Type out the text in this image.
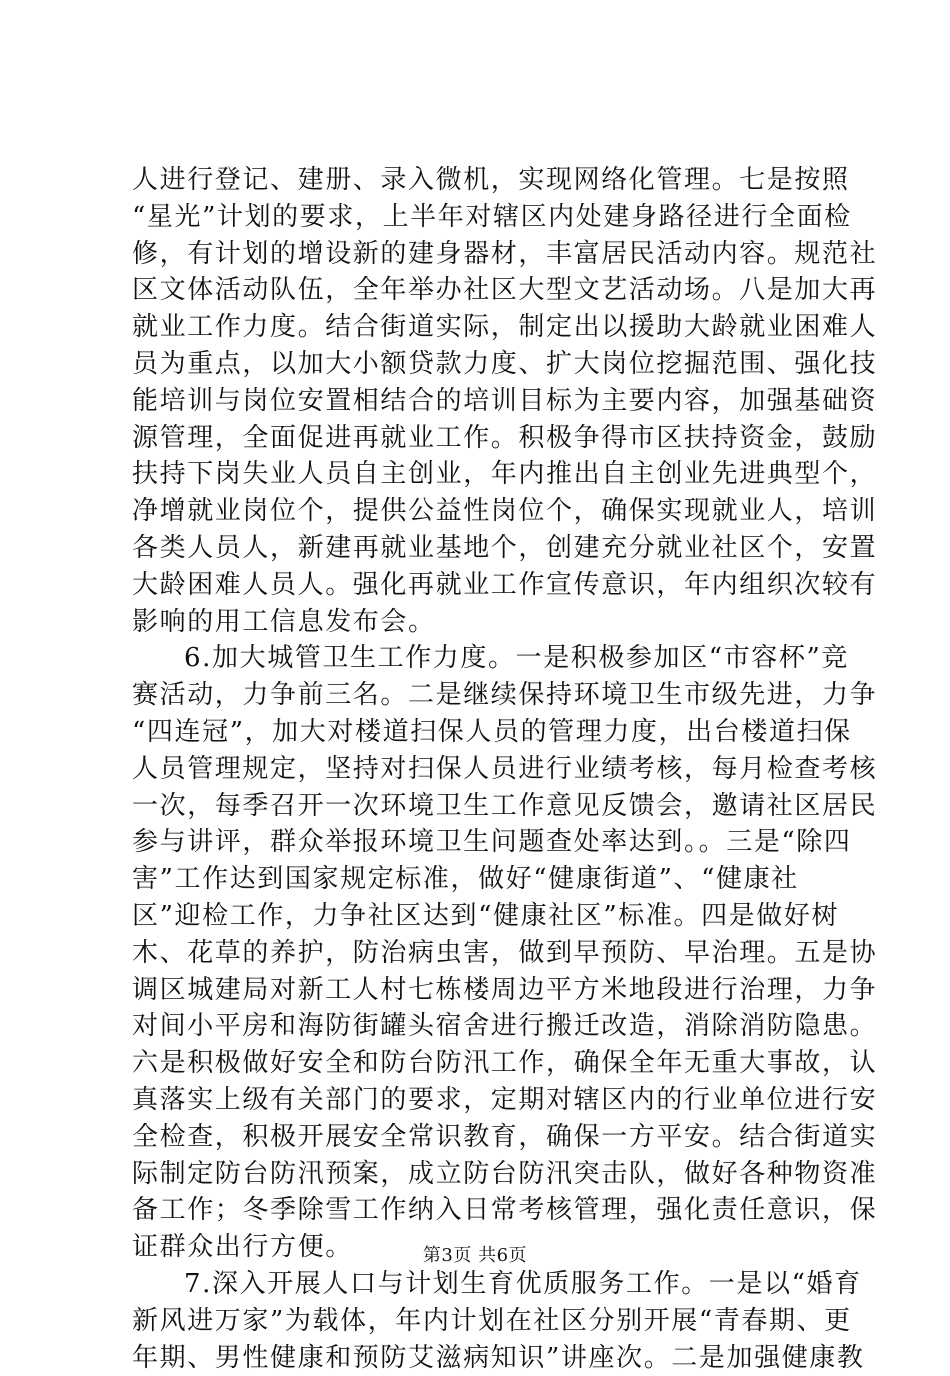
人进行登记、建册、录入微机，实现网络化管理。七是按照
“星光”计划的要求，上半年对辖区内处建身路径进行全面检
修，有计划的增设新的建身器材，丰富居民活动内容。规范社
区文体活动队伍，全年举办社区大型文艺活动场。八是加大再
就业工作力度。结合街道实际，制定出以援助大龄就业困难人
员为重点，以加大小额贷款力度、扩大岗位挖掘范围、强化技
能培训与岗位安置相结合的培训目标为主要内容，加强基础资
源管理，全面促进再就业工作。积极争得市区扶持资金，鼓励
扶持下岗失业人员自主创业，年内推出自主创业先进典型个，
净增就业岗位个，提供公益性岗位个，确保实现就业人，培训
各类人员人，新建再就业基地个，创建充分就业社区个，安置
大龄困难人员人。强化再就业工作宣传意识，年内组织次较有
影响的用工信息发布会。
6.加大城管卫生工作力度。一是积极参加区“市容杯”竞
赛活动，力争前三名。二是继续保持环境卫生市级先进，力争
“四连冠”，加大对楼道扫保人员的管理力度，出台楼道扫保
人员管理规定，坚持对扫保人员进行业绩考核，每月检查考核
一次，每季召开一次环境卫生工作意见反馈会，邀请社区居民
参与讲评，群众举报环境卫生问题查处率达到。。三是“除四
害”工作达到国家规定标准，做好“健康街道”、“健康社
区”迎检工作，力争社区达到“健康社区”标准。四是做好树
木、花草的养护，防治病虫害，做到早预防、早治理。五是协
调区城建局对新工人村七栋楼周边平方米地段进行治理，力争
对间小平房和海防街罐头宿舍进行搬迁改造，消除消防隐患。
六是积极做好安全和防台防汛工作，确保全年无重大事故，认
真落实上级有关部门的要求，定期对辖区内的行业单位进行安
全检查，积极开展安全常识教育，确保一方平安。结合街道实
际制定防台防汛预案，成立防台防汛突击队，做好各种物资准
备工作；冬季除雪工作纳入日常考核管理，强化责任意识，保
证群众出行方便。
7.深入开展人口与计划生育优质服务工作。一是以“婚育
新风进万家”为载体，年内计划在社区分别开展“青春期、更
年期、男性健康和预防艾滋病知识”讲座次。二是加强健康教
第3页 共6页
